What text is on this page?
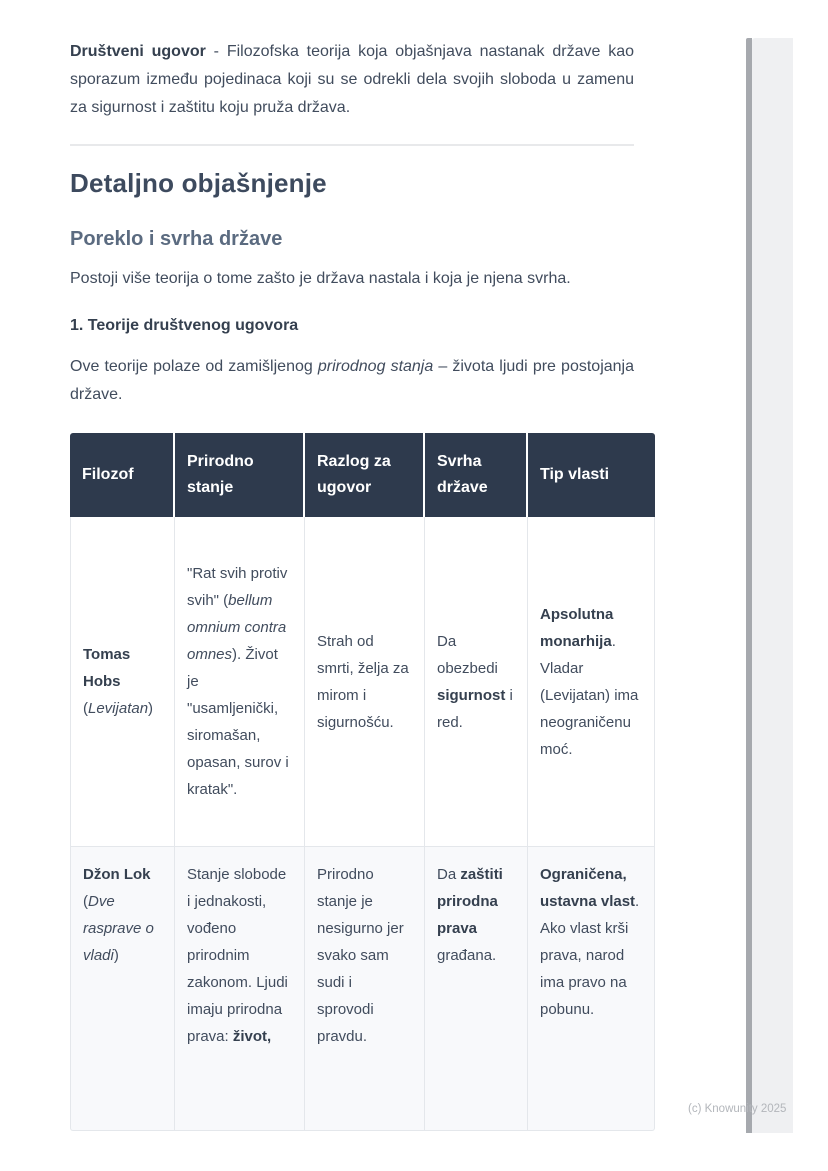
Društveni ugovor - Filozofska teorija koja objašnjava nastanak države kao sporazum između pojedinaca koji su se odrekli dela svojih sloboda u zamenu za sigurnost i zaštitu koju pruža država.

Detaljno objašnjenje
Poreklo i svrha države

Postoji više teorija o tome zašto je država nastala i koja je njena svrha.

1. Teorije društvenog ugovora

Ove teorije polaze od zamišljenog prirodnog stanja – života ljudi pre postojanja države.

Filozof	Prirodno stanje	Razlog za ugovor	Svrha države	Tip vlasti
Tomas Hobs (Levijatan)	"Rat svih protiv svih" (bellum omnium contra omnes). Život je "usamljenički, siromašan, opasan, surov i kratak".	Strah od smrti, želja za mirom i sigurnošću.	Da obezbedi sigurnost i red.	Apsolutna monarhija. Vladar (Levijatan) ima neograničenu moć.
Džon Lok (Dve rasprave o vladi)	Stanje slobode i jednakosti, vođeno prirodnim zakonom. Ljudi imaju prirodna prava: život,	Prirodno stanje je nesigurno jer svako sam sudi i sprovodi pravdu.	Da zaštiti prirodna prava građana.	Ograničena, ustavna vlast. Ako vlast krši prava, narod ima pravo na pobunu.
(c) Knowunity 2025
